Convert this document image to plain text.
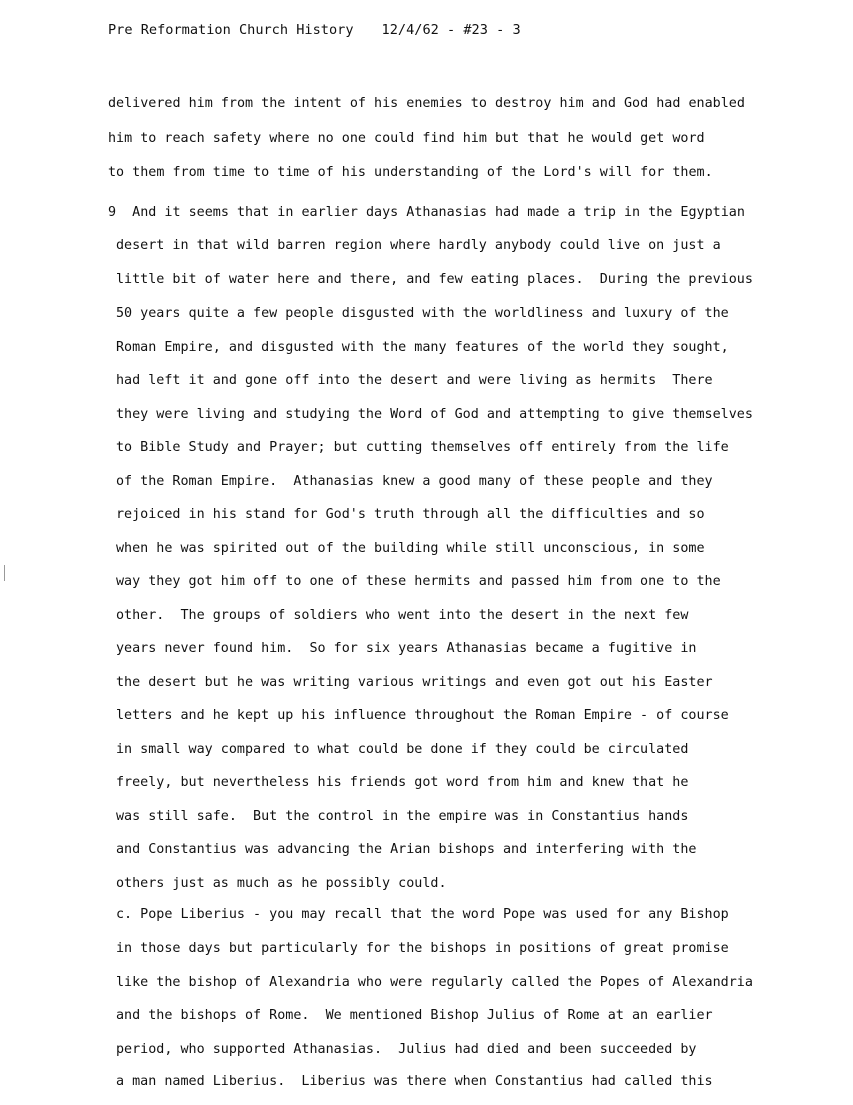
Pre Reformation Church History 12/4/62 - #23 - 3
delivered him from the intent of his enemies to destroy him and God had enabled
him to reach safety where no one could find him but that he would get word
to them from time to time of his understanding of the Lord's will for them.
9  And it seems that in earlier days Athanasias had made a trip in the Egyptian
desert in that wild barren region where hardly anybody could live on just a
little bit of water here and there, and few eating places.  During the previous
50 years quite a few people disgusted with the worldliness and luxury of the
Roman Empire, and disgusted with the many features of the world they sought,
had left it and gone off into the desert and were living as hermits  There
they were living and studying the Word of God and attempting to give themselves
to Bible Study and Prayer; but cutting themselves off entirely from the life
of the Roman Empire.  Athanasias knew a good many of these people and they
rejoiced in his stand for God's truth through all the difficulties and so
when he was spirited out of the building while still unconscious, in some
way they got him off to one of these hermits and passed him from one to the
other.  The groups of soldiers who went into the desert in the next few
years never found him.  So for six years Athanasias became a fugitive in
the desert but he was writing various writings and even got out his Easter
letters and he kept up his influence throughout the Roman Empire - of course
in small way compared to what could be done if they could be circulated
freely, but nevertheless his friends got word from him and knew that he
was still safe.  But the control in the empire was in Constantius hands
and Constantius was advancing the Arian bishops and interfering with the
others just as much as he possibly could.
c. Pope Liberius - you may recall that the word Pope was used for any Bishop
in those days but particularly for the bishops in positions of great promise
like the bishop of Alexandria who were regularly called the Popes of Alexandria
and the bishops of Rome.  We mentioned Bishop Julius of Rome at an earlier
period, who supported Athanasias.  Julius had died and been succeeded by
a man named Liberius.  Liberius was there when Constantius had called this
